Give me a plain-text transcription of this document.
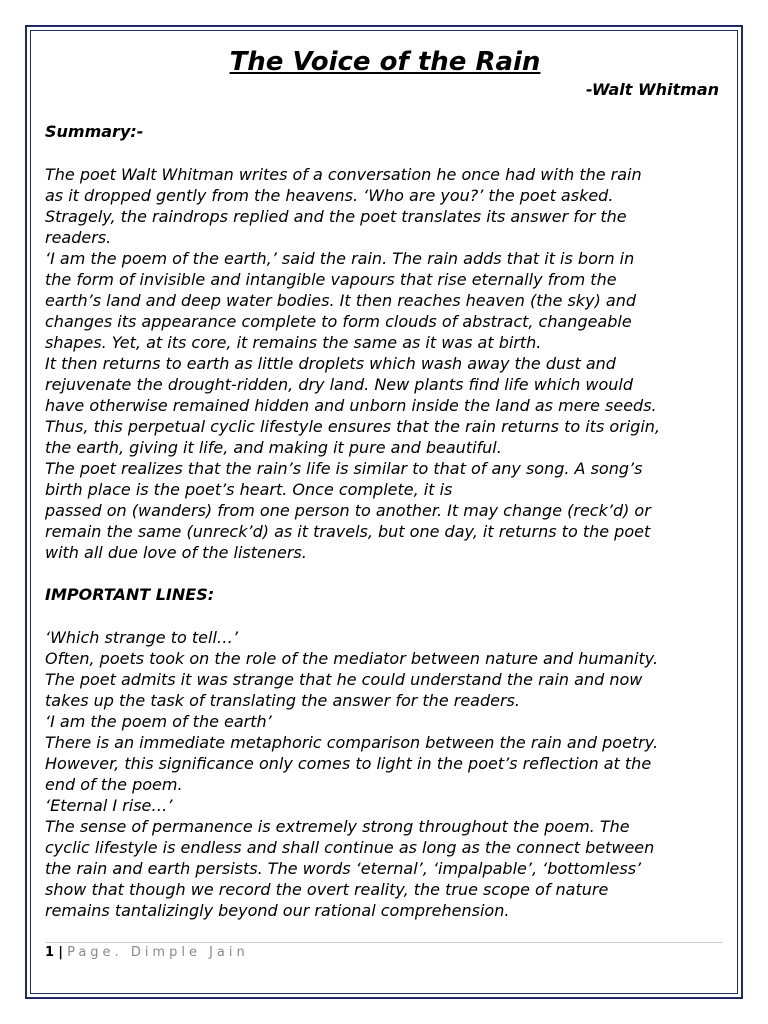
The Voice of the Rain

-Walt Whitman

Summary:-

The poet Walt Whitman writes of a conversation he once had with the rain
as it dropped gently from the heavens. ‘Who are you?’ the poet asked.
Stragely, the raindrops replied and the poet translates its answer for the
readers.
‘I am the poem of the earth,’ said the rain. The rain adds that it is born in
the form of invisible and intangible vapours that rise eternally from the
earth’s land and deep water bodies. It then reaches heaven (the sky) and
changes its appearance complete to form clouds of abstract, changeable
shapes. Yet, at its core, it remains the same as it was at birth.
It then returns to earth as little droplets which wash away the dust and
rejuvenate the drought-ridden, dry land. New plants find life which would
have otherwise remained hidden and unborn inside the land as mere seeds.
Thus, this perpetual cyclic lifestyle ensures that the rain returns to its origin,
the earth, giving it life, and making it pure and beautiful.
The poet realizes that the rain’s life is similar to that of any song. A song’s
birth place is the poet’s heart. Once complete, it is
passed on (wanders) from one person to another. It may change (reck’d) or
remain the same (unreck’d) as it travels, but one day, it returns to the poet
with all due love of the listeners.

IMPORTANT LINES:

‘Which strange to tell…’
Often, poets took on the role of the mediator between nature and humanity.
The poet admits it was strange that he could understand the rain and now
takes up the task of translating the answer for the readers.
‘I am the poem of the earth’
There is an immediate metaphoric comparison between the rain and poetry.
However, this significance only comes to light in the poet’s reflection at the
end of the poem.
‘Eternal I rise…’
The sense of permanence is extremely strong throughout the poem. The
cyclic lifestyle is endless and shall continue as long as the connect between
the rain and earth persists. The words ‘eternal’, ‘impalpable’, ‘bottomless’
show that though we record the overt reality, the true scope of nature
remains tantalizingly beyond our rational comprehension.
1 | Page. Dimple Jain
